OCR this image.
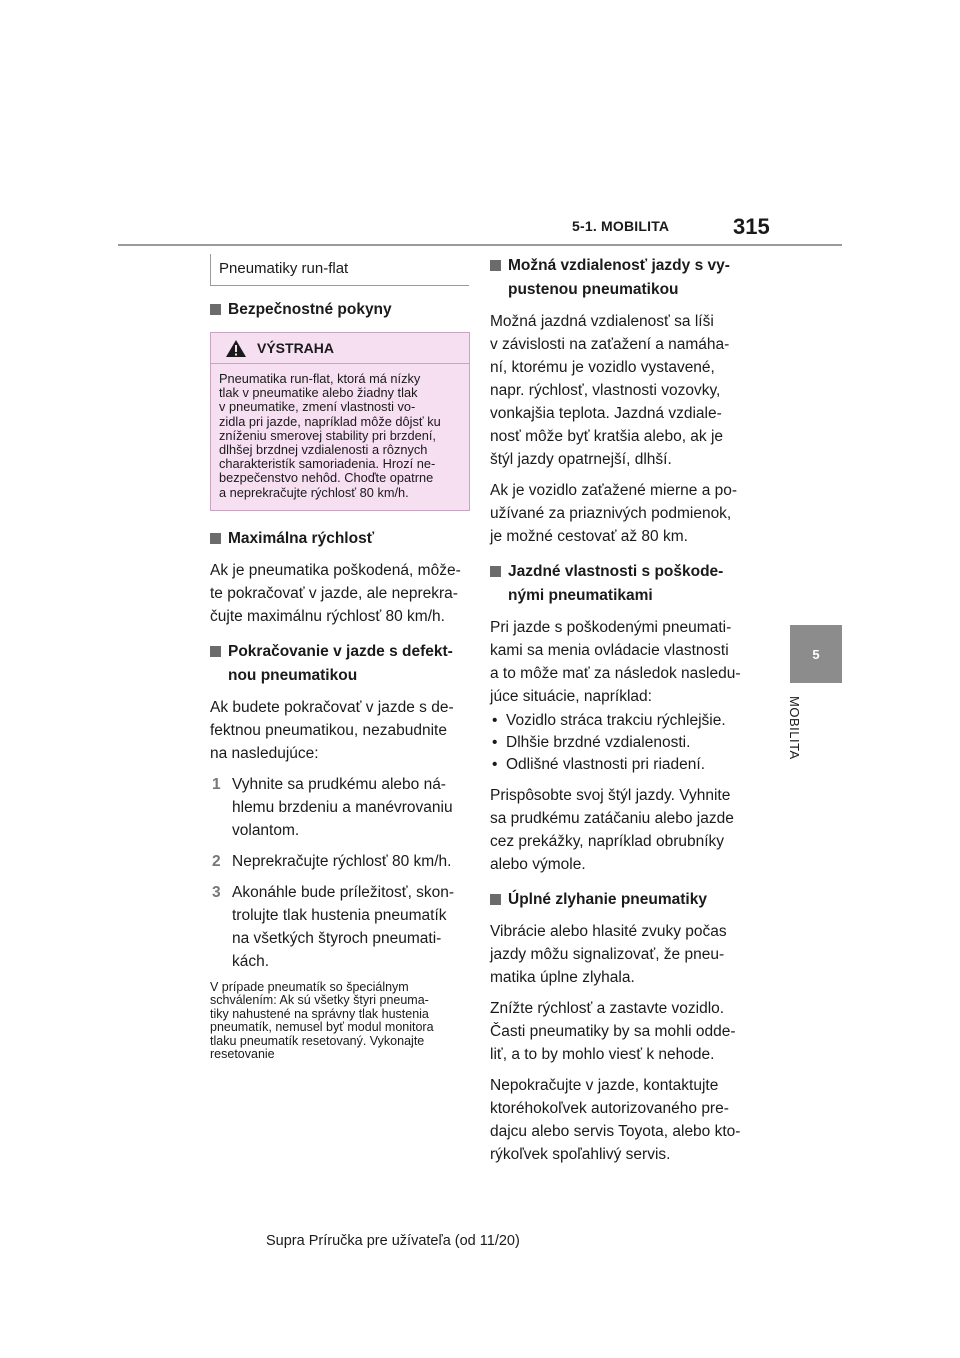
5-1. MOBILITA	315
5
MOBILITA
Pneumatiky run-flat
Bezpečnostné pokyny
VÝSTRAHA
Pneumatika run-flat, ktorá má nízky
tlak v pneumatike alebo žiadny tlak
v pneumatike, zmení vlastnosti vo-
zidla pri jazde, napríklad môže dôjsť ku
zníženiu smerovej stability pri brzdení,
dlhšej brzdnej vzdialenosti a rôznych
charakteristík samoriadenia. Hrozí ne-
bezpečenstvo nehôd. Choďte opatrne
a neprekračujte rýchlosť 80 km/h.
Maximálna rýchlosť
Ak je pneumatika poškodená, môže-
te pokračovať v jazde, ale neprekra-
čujte maximálnu rýchlosť 80 km/h.
Pokračovanie v jazde s defekt-
nou pneumatikou
Ak budete pokračovať v jazde s de-
fektnou pneumatikou, nezabudnite
na nasledujúce:
1 Vyhnite sa prudkému alebo ná-
hlemu brzdeniu a manévrovaniu
volantom.
2 Neprekračujte rýchlosť 80 km/h.
3 Akonáhle bude príležitosť, skon-
trolujte tlak hustenia pneumatík
na všetkých štyroch pneumati-
kách.
V prípade pneumatík so špeciálnym
schválením: Ak sú všetky štyri pneuma-
tiky nahustené na správny tlak hustenia
pneumatík, nemusel byť modul monitora
tlaku pneumatík resetovaný. Vykonajte
resetovanie
Možná vzdialenosť jazdy s vy-
pustenou pneumatikou
Možná jazdná vzdialenosť sa líši
v závislosti na zaťažení a namáha-
ní, ktorému je vozidlo vystavené,
napr. rýchlosť, vlastnosti vozovky,
vonkajšia teplota. Jazdná vzdiale-
nosť môže byť kratšia alebo, ak je
štýl jazdy opatrnejší, dlhší.
Ak je vozidlo zaťažené mierne a po-
užívané za priaznivých podmienok,
je možné cestovať až 80 km.
Jazdné vlastnosti s poškode-
nými pneumatikami
Pri jazde s poškodenými pneumati-
kami sa menia ovládacie vlastnosti
a to môže mať za následok nasledu-
júce situácie, napríklad:
• Vozidlo stráca trakciu rýchlejšie.
• Dlhšie brzdné vzdialenosti.
• Odlišné vlastnosti pri riadení.
Prispôsobte svoj štýl jazdy. Vyhnite
sa prudkému zatáčaniu alebo jazde
cez prekážky, napríklad obrubníky
alebo výmole.
Úplné zlyhanie pneumatiky
Vibrácie alebo hlasité zvuky počas
jazdy môžu signalizovať, že pneu-
matika úplne zlyhala.
Znížte rýchlosť a zastavte vozidlo.
Časti pneumatiky by sa mohli odde-
liť, a to by mohlo viesť k nehode.
Nepokračujte v jazde, kontaktujte
ktoréhokoľvek autorizovaného pre-
dajcu alebo servis Toyota, alebo kto-
rýkoľvek spoľahlivý servis.
Supra Príručka pre užívateľa (od 11/20)
